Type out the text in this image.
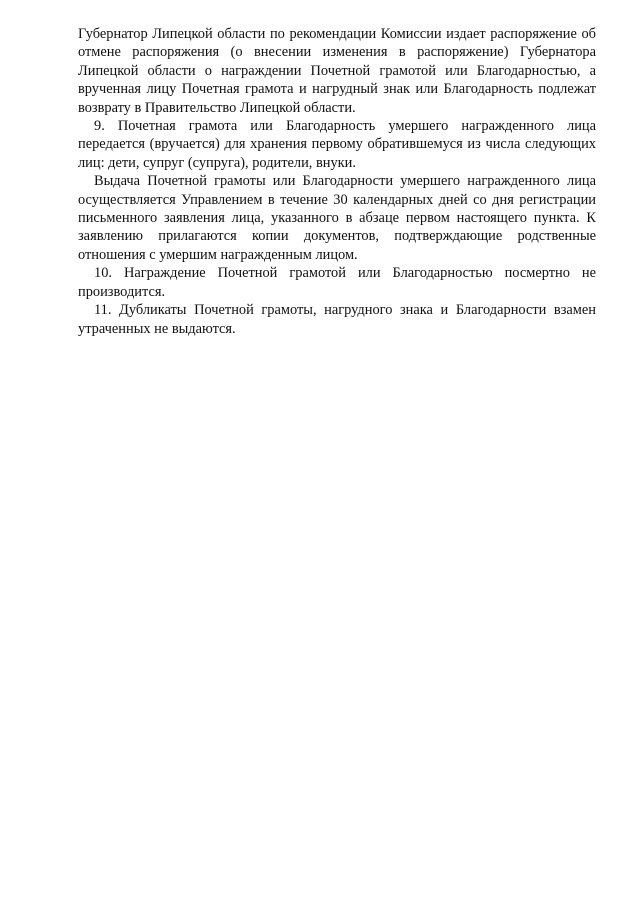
Губернатор Липецкой области по рекомендации Комиссии издает распоряжение об отмене распоряжения (о внесении изменения в распоряжение) Губернатора Липецкой области о награждении Почетной грамотой или Благодарностью, а врученная лицу Почетная грамота и нагрудный знак или Благодарность подлежат возврату в Правительство Липецкой области.

9. Почетная грамота или Благодарность умершего награжденного лица передается (вручается) для хранения первому обратившемуся из числа следующих лиц: дети, супруг (супруга), родители, внуки.

Выдача Почетной грамоты или Благодарности умершего награжденного лица осуществляется Управлением в течение 30 календарных дней со дня регистрации письменного заявления лица, указанного в абзаце первом настоящего пункта. К заявлению прилагаются копии документов, подтверждающие родственные отношения с умершим награжденным лицом.

10. Награждение Почетной грамотой или Благодарностью посмертно не производится.

11. Дубликаты Почетной грамоты, нагрудного знака и Благодарности взамен утраченных не выдаются.
